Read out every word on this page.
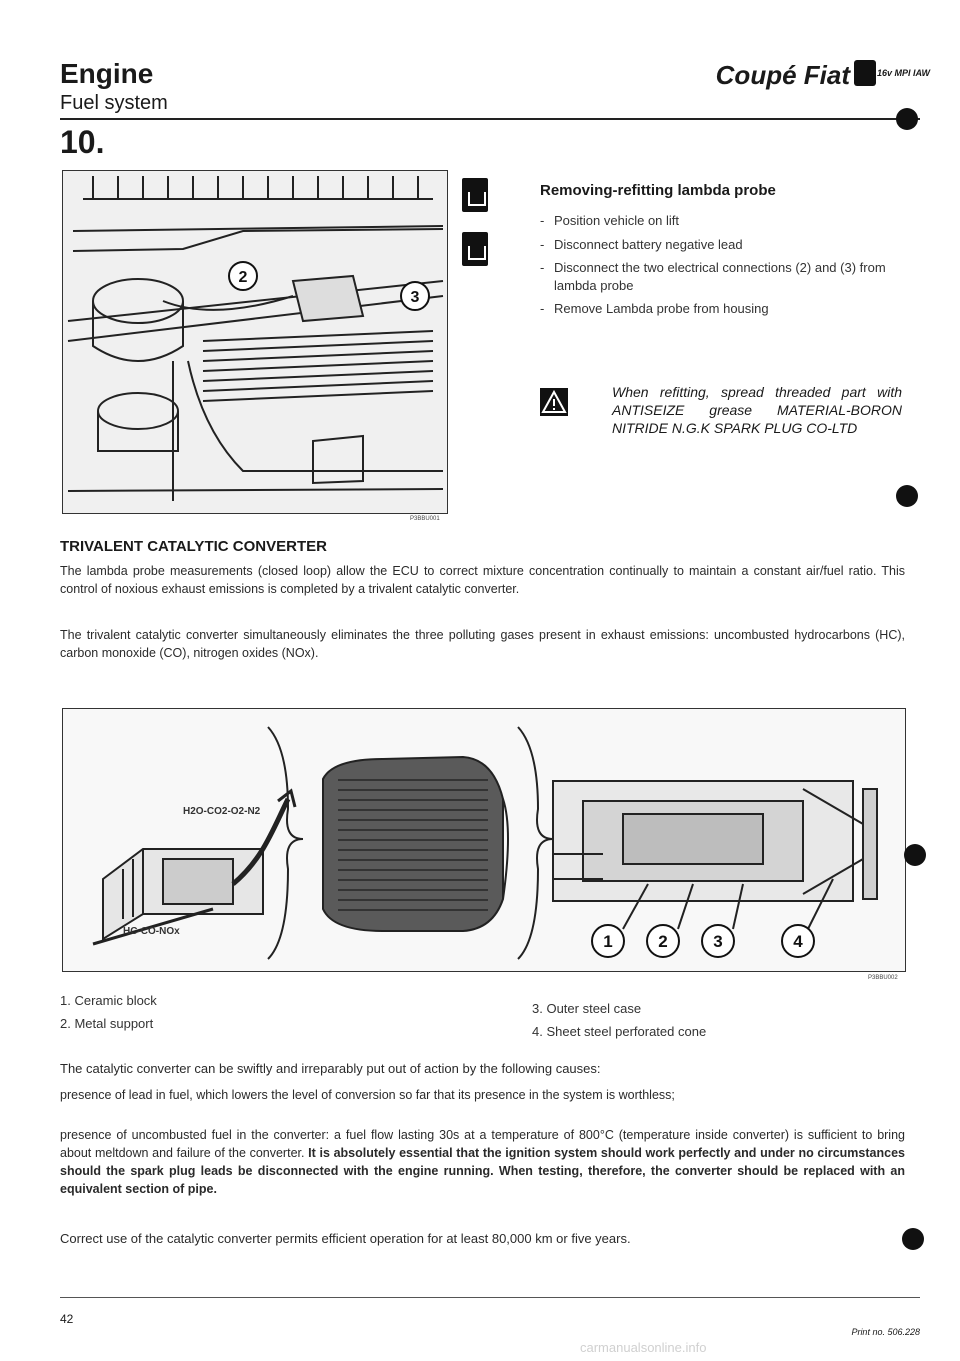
Engine
Fuel system
Coupé Fiat	16v MPI IAW
10.
2
3
P3BBU001
Removing-refitting lambda probe
- Position vehicle on lift
- Disconnect battery negative lead
- Disconnect the two electrical connections (2) and (3) from lambda probe
- Remove Lambda probe from housing
When refitting, spread threaded part with ANTISEIZE grease MATERIAL-BORON NITRIDE N.G.K SPARK PLUG CO-LTD
TRIVALENT CATALYTIC CONVERTER

The lambda probe measurements (closed loop) allow the ECU to correct mixture concentration continually to maintain a constant air/fuel ratio. This control of noxious exhaust emissions is completed by a trivalent catalytic converter.

The trivalent catalytic converter simultaneously eliminates the three polluting gases present in exhaust emissions: uncombusted hydrocarbons (HC), carbon monoxide (CO), nitrogen oxides (NOx).

H2O-CO2-O2-N2
HC-CO-NOx
1	2	3	4
P3BBU002
1. Ceramic block
2. Metal support
3. Outer steel case
4. Sheet steel perforated cone

The catalytic converter can be swiftly and irreparably put out of action by the following causes:

presence of lead in fuel, which lowers the level of conversion so far that its presence in the system is worthless;

presence of uncombusted fuel in the converter: a fuel flow lasting 30s at a temperature of 800°C (temperature inside converter) is sufficient to bring about meltdown and failure of the converter. It is absolutely essential that the ignition system should work perfectly and under no circumstances should the spark plug leads be disconnected with the engine running. When testing, therefore, the converter should be replaced with an equivalent section of pipe.

Correct use of the catalytic converter permits efficient operation for at least 80,000 km or five years.

42
Print no. 506.228
carmanualsonline.info
